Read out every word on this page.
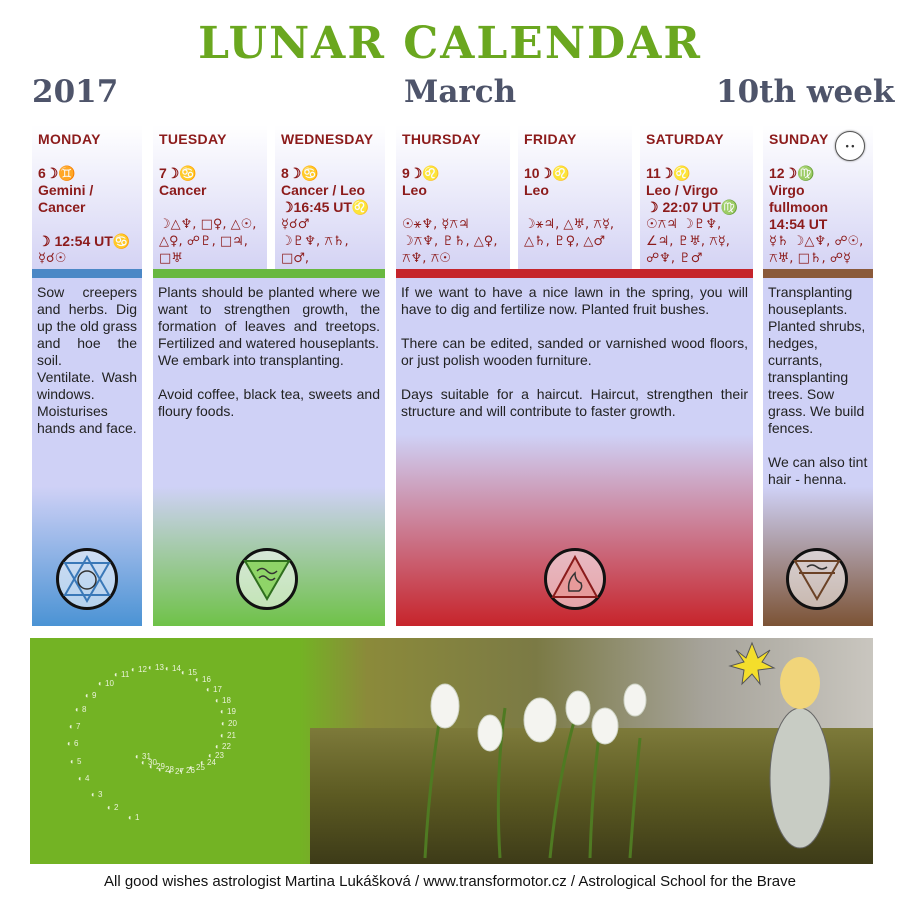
LUNAR CALENDAR
2017	March	10th week
MONDAY
6☽♊
Gemini / Cancer
☽ 12:54 UT♋
☿☌☉
TUESDAY
7☽♋
Cancer
☽△♆, □♀, △☉,
△♀, ☍♇, □♃, □♅
WEDNESDAY
8☽♋
Cancer / Leo
☽16:45 UT♌
☿☌♂
☽♇♆, ⚻♄, □♂,
THURSDAY
9☽♌
Leo
☉⚹♆, ☿⚻♃
☽⚻♆, ♇♄, △♀,
⚻♆, ⚻☉
FRIDAY
10☽♌
Leo
☽⚹♃, △♅, ⚻☿,
△♄, ♇♀, △♂
SATURDAY
11☽♌
Leo / Virgo
☽ 22:07 UT♍
☉⚻♃ ☽♇♆,
∠♃, ♇♅, ⚻☿,
☍♆, ♇♂
SUNDAY	• •

12☽♍
Virgo
fullmoon
14:54 UT
☿♄ ☽△♆, ☍☉,
⚻♅, □♄, ☍☿

Sow creepers and herbs. Dig up the old grass and hoe the soil.

Ventilate. Wash windows. Moisturises hands and face.

Plants should be planted where we want to strengthen growth, the formation of leaves and treetops. Fertilized and watered houseplants.
We embark into transplanting.

Avoid coffee, black tea, sweets and floury foods.

If we want to have a nice lawn in the spring, you will have to dig and fertilize now. Planted fruit bushes.

There can be edited, sanded or varnished wood floors, or just polish wooden furniture.

Days suitable for a haircut. Haircut, strengthen their structure and will contribute to faster growth.

Transplanting houseplants. Planted shrubs, hedges, currants, transplanting trees. Sow grass. We build fences.

We can also tint hair - henna.

◐ 1
◐ 2
◐ 3
◐ 4
◐ 5
◐ 6
◐ 7
◐ 8
◐ 9
◐ 10
◐ 11
◐ 12 ◐ 13 ◐ 14 ◐ 15
◐ 16
◐ 17
◐ 18
◐ 19
◐ 20
◐ 21
◐ 22
◐ 23
◐ 24
◐ 25
◐ 26
◐ 27
◐ 28
◐ 29
◐ 30
◐ 31
All good wishes astrologist Martina Lukášková / www.transformotor.cz / Astrological School for the Brave
